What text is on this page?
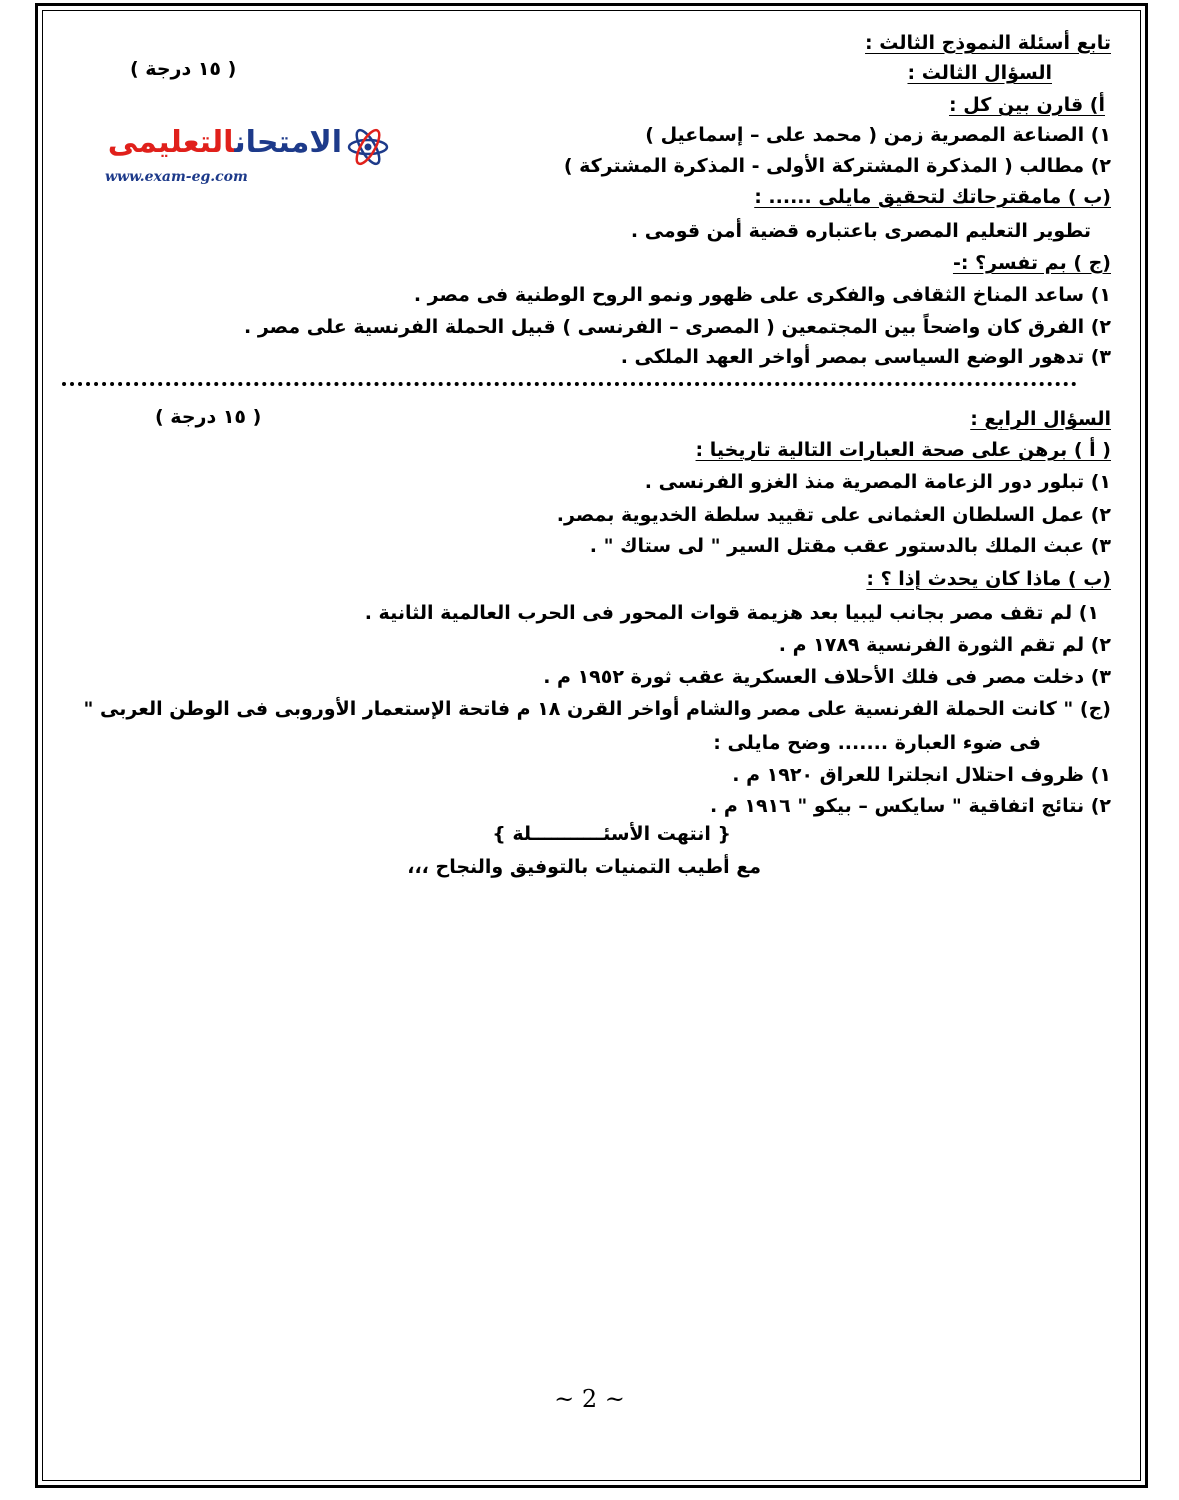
تابع أسئلة النموذج الثالث :
السؤال الثالث :
( ١٥ درجة )
الامتحانالتعليمى
www.exam-eg.com
أ) قارن بين كل :
١) الصناعة المصرية زمن ( محمد على – إسماعيل )
٢) مطالب ( المذكرة المشتركة الأولى - المذكرة المشتركة )
(ب ) مامقترحاتك لتحقيق مايلى ...... :
تطوير التعليم المصرى باعتباره قضية أمن قومى .
(ج ) بم تفسر؟ :-
١) ساعد المناخ الثقافى والفكرى على ظهور ونمو الروح الوطنية فى مصر .
٢) الفرق كان واضحاً بين المجتمعين ( المصرى – الفرنسى ) قبيل الحملة الفرنسية على مصر .
٣) تدهور الوضع السياسى بمصر أواخر العهد الملكى .
السؤال الرابع :
( ١٥ درجة )
( أ ) برهن على صحة العبارات التالية تاريخيا :
١) تبلور دور الزعامة المصرية منذ الغزو الفرنسى .
٢) عمل السلطان العثمانى على تقييد سلطة الخديوية بمصر.
٣) عبث الملك بالدستور عقب مقتل السير " لى ستاك " .
(ب ) ماذا كان يحدث إذا ؟ :
١) لم تقف مصر بجانب ليبيا بعد هزيمة قوات المحور فى الحرب العالمية الثانية .
٢) لم تقم الثورة الفرنسية ١٧٨٩ م .
٣) دخلت مصر فى فلك الأحلاف العسكرية عقب ثورة ١٩٥٢ م .
(ج) " كانت الحملة الفرنسية على مصر والشام أواخر القرن ١٨ م فاتحة الإستعمار الأوروبى فى الوطن العربى "
فى ضوء العبارة ....... وضح مايلى :
١) ظروف احتلال انجلترا للعراق ١٩٢٠ م .
٢) نتائج اتفاقية " سايكس – بيكو " ١٩١٦ م .
{ انتهت الأسئـــــــــــلة }
مع أطيب التمنيات بالتوفيق والنجاح ،،،
~ 2 ~
